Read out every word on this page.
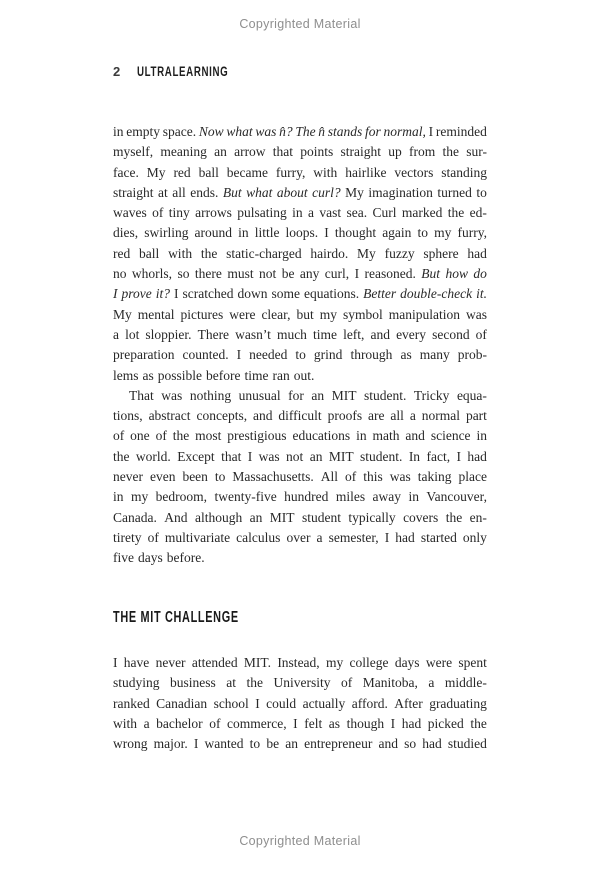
Copyrighted Material
2 ULTRALEARNING
in empty space. Now what was n̂? The n̂ stands for normal, I reminded
myself, meaning an arrow that points straight up from the sur-
face. My red ball became furry, with hairlike vectors standing
straight at all ends. But what about curl? My imagination turned to
waves of tiny arrows pulsating in a vast sea. Curl marked the ed-
dies, swirling around in little loops. I thought again to my furry,
red ball with the static-charged hairdo. My fuzzy sphere had
no whorls, so there must not be any curl, I reasoned. But how do
I prove it? I scratched down some equations. Better double-check it.
My mental pictures were clear, but my symbol manipulation was
a lot sloppier. There wasn’t much time left, and every second of
preparation counted. I needed to grind through as many prob-
lems as possible before time ran out.
That was nothing unusual for an MIT student. Tricky equa-
tions, abstract concepts, and difficult proofs are all a normal part
of one of the most prestigious educations in math and science in
the world. Except that I was not an MIT student. In fact, I had
never even been to Massachusetts. All of this was taking place
in my bedroom, twenty-five hundred miles away in Vancouver,
Canada. And although an MIT student typically covers the en-
tirety of multivariate calculus over a semester, I had started only
five days before.
THE MIT CHALLENGE
I have never attended MIT. Instead, my college days were spent
studying business at the University of Manitoba, a middle-
ranked Canadian school I could actually afford. After graduating
with a bachelor of commerce, I felt as though I had picked the
wrong major. I wanted to be an entrepreneur and so had studied
Copyrighted Material
